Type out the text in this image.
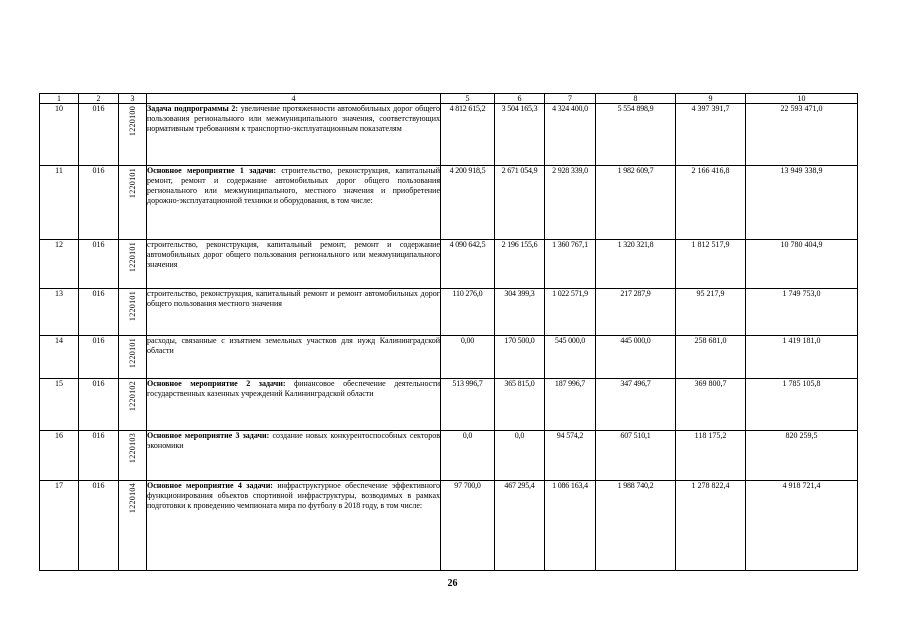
1	2	3	4	5	6	7	8	9	10
10	016	1220100	Задача подпрограммы 2: увеличение протяженности автомобильных дорог общего пользования регионального или межмуниципального значения, соответствующих нормативным требованиям к транспортно-эксплуатационным показателям	4 812 615,2	3 504 165,3	4 324 400,0	5 554 898,9	4 397 391,7	22 593 471,0
11	016	1220101	Основное мероприятие 1 задачи: строительство, реконструкция, капитальный ремонт, ремонт и содержание автомобильных дорог общего пользования регионального или межмуниципального, местного значения и приобретение дорожно-эксплуатационной техники и оборудования, в том числе:	4 200 918,5	2 671 054,9	2 928 339,0	1 982 609,7	2 166 416,8	13 949 338,9
12	016	1220101	строительство, реконструкция, капитальный ремонт, ремонт и содержание автомобильных дорог общего пользования регионального или межмуниципального значения	4 090 642,5	2 196 155,6	1 360 767,1	1 320 321,8	1 812 517,9	10 780 404,9
13	016	1220101	строительство, реконструкция, капитальный ремонт и ремонт автомобильных дорог общего пользования местного значения	110 276,0	304 399,3	1 022 571,9	217 287,9	95 217,9	1 749 753,0
14	016	1220101	расходы, связанные с изъятием земельных участков для нужд Калининградской области	0,00	170 500,0	545 000,0	445 000,0	258 681,0	1 419 181,0
15	016	1220102	Основное мероприятие 2 задачи: финансовое обеспечение деятельности государственных казенных учреждений Калининградской области	513 996,7	365 815,0	187 996,7	347 496,7	369 800,7	1 785 105,8
16	016	1220103	Основное мероприятие 3 задачи: создание новых конкурентоспособных секторов экономики	0,0	0,0	94 574,2	607 510,1	118 175,2	820 259,5
17	016	1220104	Основное мероприятие 4 задачи: инфраструктурное обеспечение эффективного функционирования объектов спортивной инфраструктуры, возводимых в рамках подготовки к проведению чемпионата мира по футболу в 2018 году, в том числе:	97 700,0	467 295,4	1 086 163,4	1 988 740,2	1 278 822,4	4 918 721,4
26
